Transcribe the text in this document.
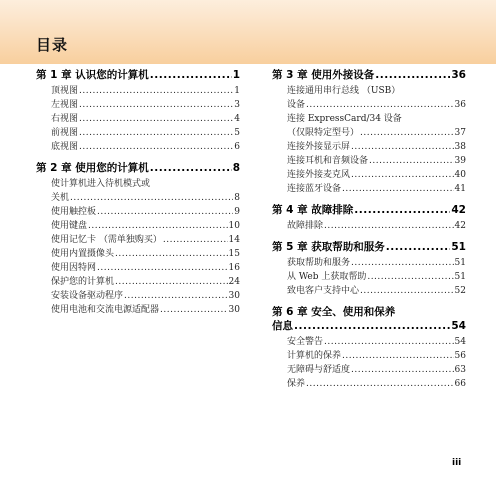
目录
第 1 章 认识您的计算机 .....	1
顶视图 .....	1
左视图 .....	3
右视图 .....	4
前视图 .....	5
底视图 .....	6
第 2 章 使用您的计算机 .....	8
使计算机进入待机模式或
关机 .....	8
使用触控板 .....	9
使用键盘 .....	10
使用记忆卡 （需单独购买） .....	14
使用内置摄像头 .....	15
使用因特网 .....	16
保护您的计算机 .....	24
安装设备驱动程序 .....	30
使用电池和交流电源适配器 .....	30
第 3 章 使用外接设备 .....	36
连接通用串行总线 （USB）
设备 .....	36
连接 ExpressCard/34 设备
（仅限特定型号） .....	37
连接外接显示屏 .....	38
连接耳机和音频设备 .....	39
连接外接麦克风 .....	40
连接蓝牙设备 .....	41
第 4 章 故障排除 .....	42
故障排除 .....	42
第 5 章 获取帮助和服务 .....	51
获取帮助和服务 .....	51
从 Web 上获取帮助 .....	51
致电客户支持中心 .....	52
第 6 章 安全、使用和保养
信息 .....	54
安全警告 .....	54
计算机的保养 .....	56
无障碍与舒适度 .....	63
保养 .....	66
iii
